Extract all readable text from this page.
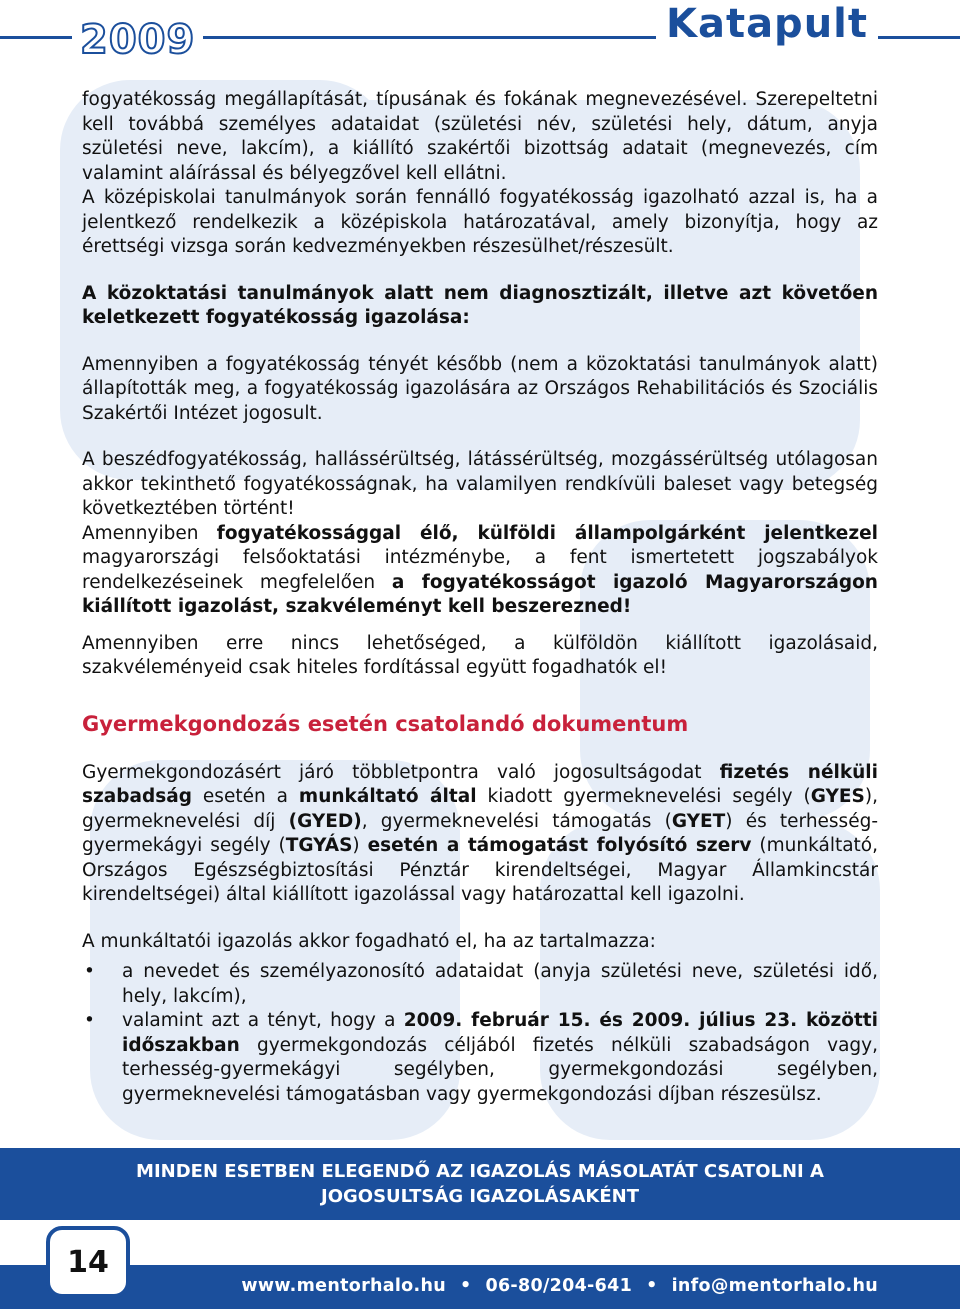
2009	Katapult

fogyatékosság megállapítását, típusának és fokának megnevezésével. Szerepeltetni kell továbbá személyes adataidat (születési név, születési hely, dátum, anyja születési neve, lakcím), a kiállító szakértői bizottság adatait (megnevezés, cím valamint aláírással és bélyegzővel kell ellátni.

A középiskolai tanulmányok során fennálló fogyatékosság igazolható azzal is, ha a jelentkező rendelkezik a középiskola határozatával, amely bizonyítja, hogy az érettségi vizsga során kedvezményekben részesülhet/részesült.

A közoktatási tanulmányok alatt nem diagnosztizált, illetve azt követően keletkezett fogyatékosság igazolása:

Amennyiben a fogyatékosság tényét később (nem a közoktatási tanulmányok alatt) állapították meg, a fogyatékosság igazolására az Országos Rehabilitációs és Szociális Szakértői Intézet jogosult.

A beszédfogyatékosság, hallássérültség, látássérültség, mozgássérültség utólagosan akkor tekinthető fogyatékosságnak, ha valamilyen rendkívüli baleset vagy betegség következtében történt!

Amennyiben fogyatékossággal élő, külföldi állampolgárként jelentkezel magyarországi felsőoktatási intézménybe, a fent ismertetett jogszabályok rendelkezéseinek megfelelően a fogyatékosságot igazoló Magyarországon kiállított igazolást, szakvéleményt kell beszerezned!

Amennyiben erre nincs lehetőséged, a külföldön kiállított igazolásaid, szakvéleményeid csak hiteles fordítással együtt fogadhatók el!

Gyermekgondozás esetén csatolandó dokumentum

Gyermekgondozásért járó többletpontra való jogosultságodat fizetés nélküli szabadság esetén a munkáltató által kiadott gyermeknevelési segély (GYES), gyermeknevelési díj (GYED), gyermeknevelési támogatás (GYET) és terhesség-gyermekágyi segély (TGYÁS) esetén a támogatást folyósító szerv (munkáltató, Országos Egészségbiztosítási Pénztár kirendeltségei, Magyar Államkincstár kirendeltségei) által kiállított igazolással vagy határozattal kell igazolni.

A munkáltatói igazolás akkor fogadható el, ha az tartalmazza:

• a nevedet és személyazonosító adataidat (anyja születési neve, születési idő, hely, lakcím),
• valamint azt a tényt, hogy a 2009. február 15. és 2009. július 23. közötti időszakban gyermekgondozás céljából fizetés nélküli szabadságon vagy, terhesség-gyermekágyi segélyben, gyermekgondozási segélyben, gyermeknevelési támogatásban vagy gyermekgondozási díjban részesülsz.
MINDEN ESETBEN ELEGENDŐ AZ IGAZOLÁS MÁSOLATÁT CSATOLNI A JOGOSULTSÁG IGAZOLÁSAKÉNT
www.mentorhalo.hu • 06-80/204-641 • info@mentorhalo.hu
14
